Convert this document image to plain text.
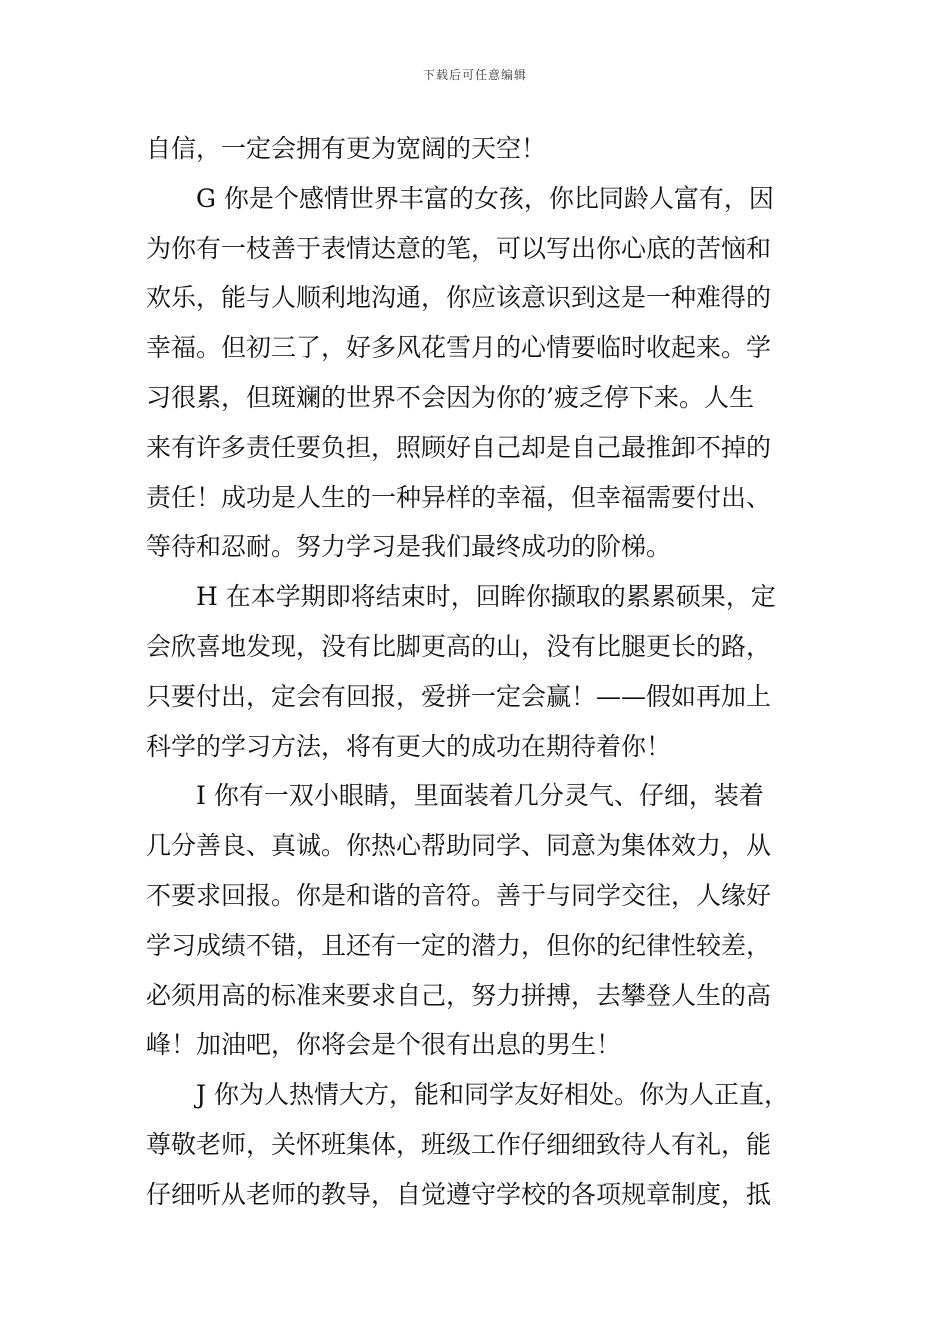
下载后可任意编辑
自信，一定会拥有更为宽阔的天空！
G 你是个感情世界丰富的女孩，你比同龄人富有，因
为你有一枝善于表情达意的笔，可以写出你心底的苦恼和
欢乐，能与人顺利地沟通，你应该意识到这是一种难得的
幸福。但初三了，好多风花雪月的心情要临时收起来。学
习很累，但斑斓的世界不会因为你的’疲乏停下来。人生
来有许多责任要负担，照顾好自己却是自己最推卸不掉的
责任！成功是人生的一种异样的幸福，但幸福需要付出、
等待和忍耐。努力学习是我们最终成功的阶梯。
H 在本学期即将结束时，回眸你撷取的累累硕果，定
会欣喜地发现，没有比脚更高的山，没有比腿更长的路，
只要付出，定会有回报，爱拼一定会赢！——假如再加上
科学的学习方法，将有更大的成功在期待着你！
I 你有一双小眼睛，里面装着几分灵气、仔细，装着
几分善良、真诚。你热心帮助同学、同意为集体效力，从
不要求回报。你是和谐的音符。善于与同学交往，人缘好
学习成绩不错，且还有一定的潜力，但你的纪律性较差，
必须用高的标准来要求自己，努力拼搏，去攀登人生的高
峰！加油吧，你将会是个很有出息的男生！
J 你为人热情大方，能和同学友好相处。你为人正直，
尊敬老师，关怀班集体，班级工作仔细细致待人有礼，能
仔细听从老师的教导，自觉遵守学校的各项规章制度，抵
